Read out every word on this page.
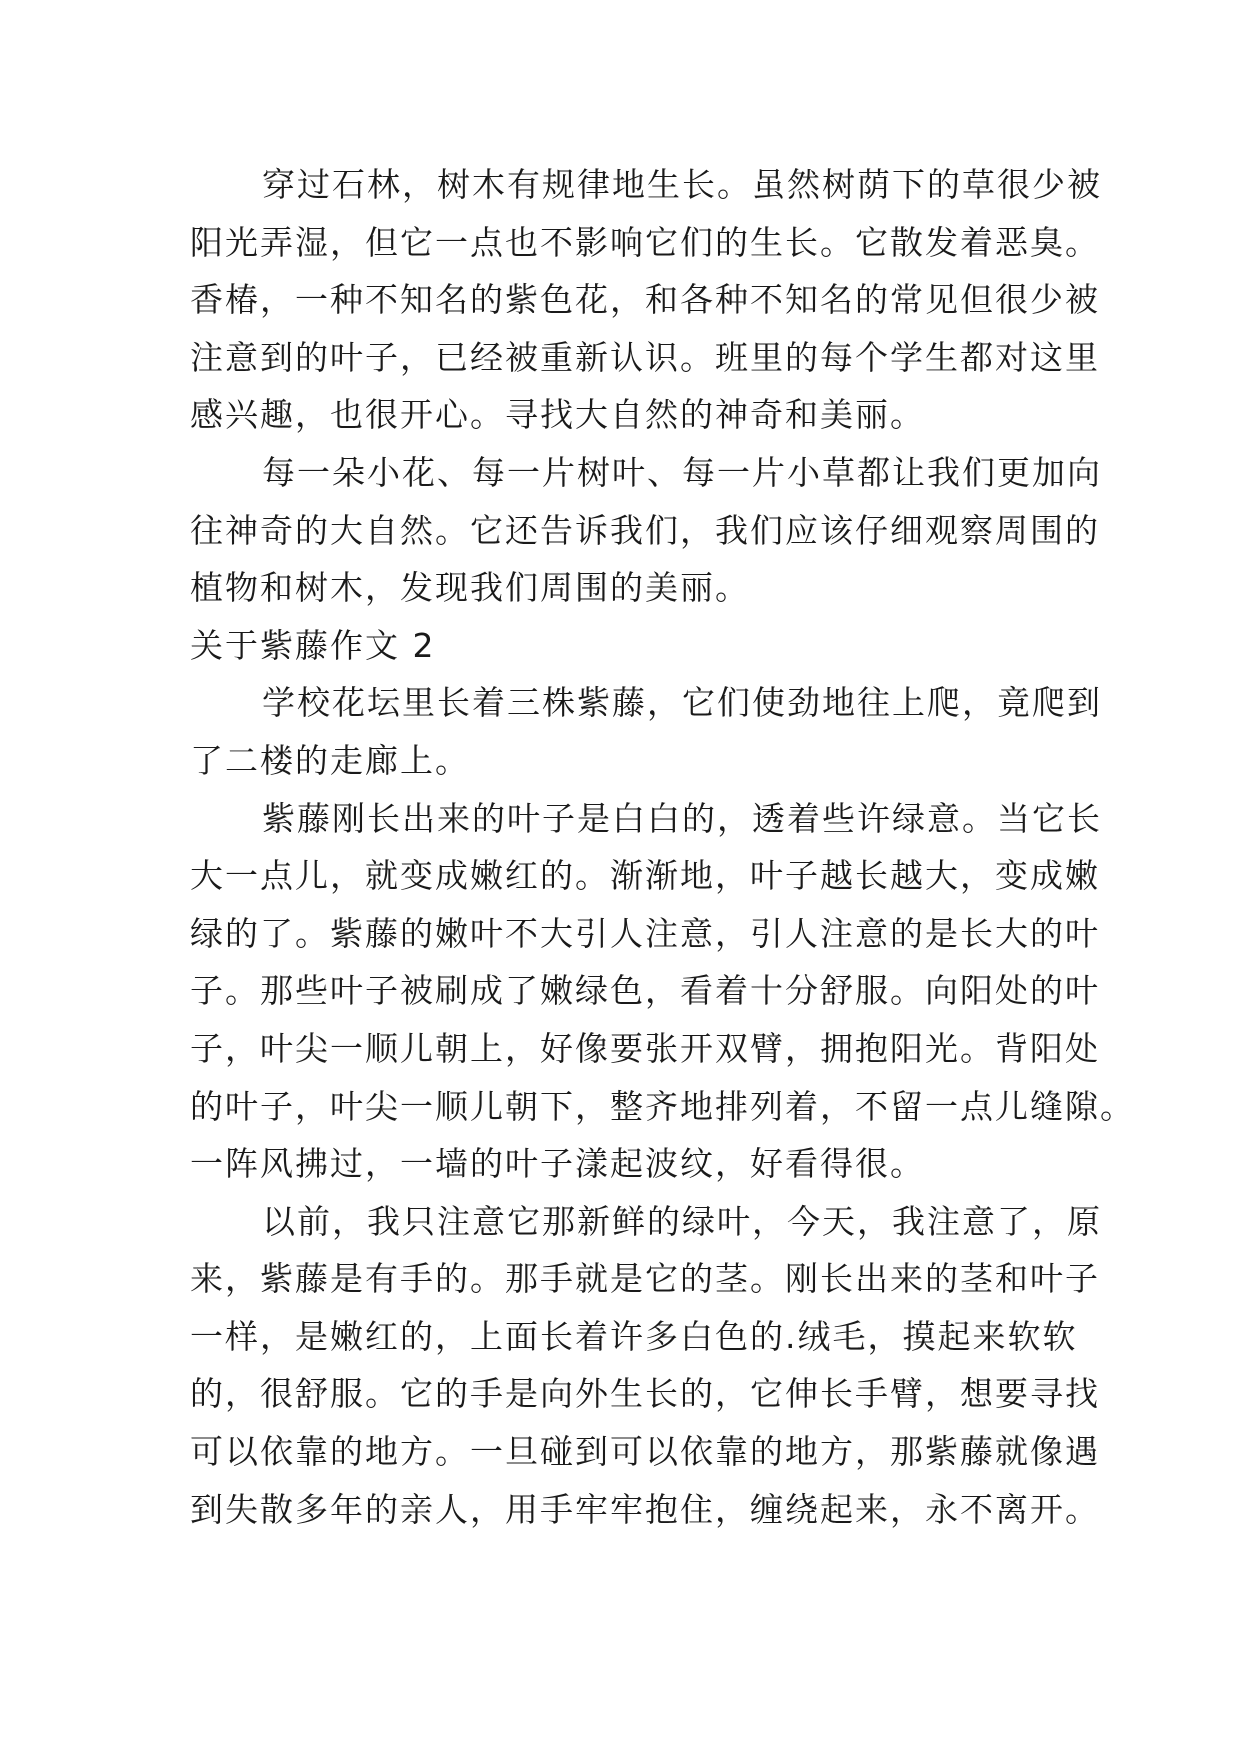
穿过石林，树木有规律地生长。虽然树荫下的草很少被
阳光弄湿，但它一点也不影响它们的生长。它散发着恶臭。
香椿，一种不知名的紫色花，和各种不知名的常见但很少被
注意到的叶子，已经被重新认识。班里的每个学生都对这里
感兴趣，也很开心。寻找大自然的神奇和美丽。
每一朵小花、每一片树叶、每一片小草都让我们更加向
往神奇的大自然。它还告诉我们，我们应该仔细观察周围的
植物和树木，发现我们周围的美丽。
关于紫藤作文 2
学校花坛里长着三株紫藤，它们使劲地往上爬，竟爬到
了二楼的走廊上。
紫藤刚长出来的叶子是白白的，透着些许绿意。当它长
大一点儿，就变成嫩红的。渐渐地，叶子越长越大，变成嫩
绿的了。紫藤的嫩叶不大引人注意，引人注意的是长大的叶
子。那些叶子被刷成了嫩绿色，看着十分舒服。向阳处的叶
子，叶尖一顺儿朝上，好像要张开双臂，拥抱阳光。背阳处
的叶子，叶尖一顺儿朝下，整齐地排列着，不留一点儿缝隙。
一阵风拂过，一墙的叶子漾起波纹，好看得很。
以前，我只注意它那新鲜的绿叶，今天，我注意了，原
来，紫藤是有手的。那手就是它的茎。刚长出来的茎和叶子
一样，是嫩红的，上面长着许多白色的.绒毛，摸起来软软
的，很舒服。它的手是向外生长的，它伸长手臂，想要寻找
可以依靠的地方。一旦碰到可以依靠的地方，那紫藤就像遇
到失散多年的亲人，用手牢牢抱住，缠绕起来，永不离开。
